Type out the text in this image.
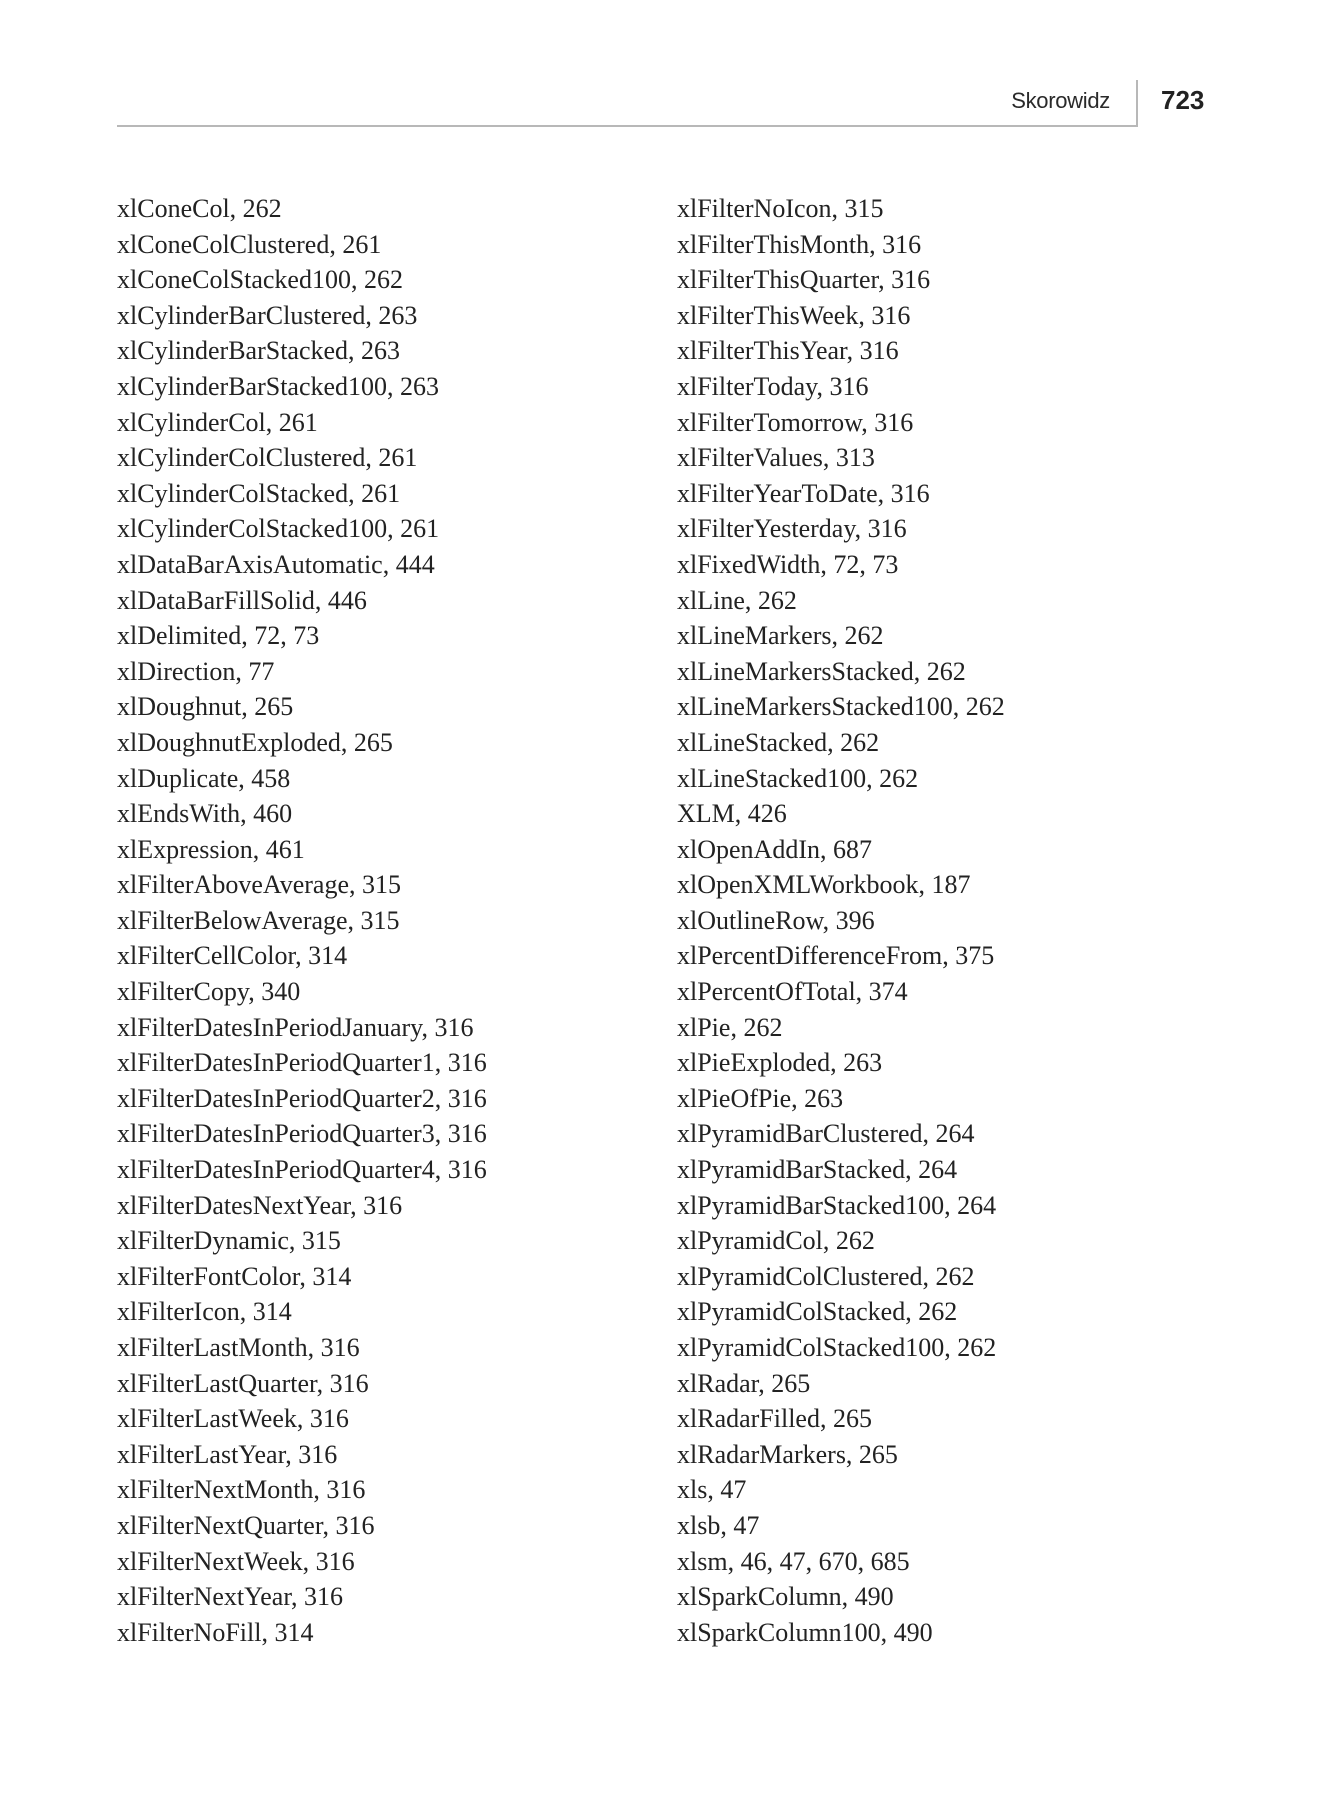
Skorowidz 723
xlConeCol, 262
xlConeColClustered, 261
xlConeColStacked100, 262
xlCylinderBarClustered, 263
xlCylinderBarStacked, 263
xlCylinderBarStacked100, 263
xlCylinderCol, 261
xlCylinderColClustered, 261
xlCylinderColStacked, 261
xlCylinderColStacked100, 261
xlDataBarAxisAutomatic, 444
xlDataBarFillSolid, 446
xlDelimited, 72, 73
xlDirection, 77
xlDoughnut, 265
xlDoughnutExploded, 265
xlDuplicate, 458
xlEndsWith, 460
xlExpression, 461
xlFilterAboveAverage, 315
xlFilterBelowAverage, 315
xlFilterCellColor, 314
xlFilterCopy, 340
xlFilterDatesInPeriodJanuary, 316
xlFilterDatesInPeriodQuarter1, 316
xlFilterDatesInPeriodQuarter2, 316
xlFilterDatesInPeriodQuarter3, 316
xlFilterDatesInPeriodQuarter4, 316
xlFilterDatesNextYear, 316
xlFilterDynamic, 315
xlFilterFontColor, 314
xlFilterIcon, 314
xlFilterLastMonth, 316
xlFilterLastQuarter, 316
xlFilterLastWeek, 316
xlFilterLastYear, 316
xlFilterNextMonth, 316
xlFilterNextQuarter, 316
xlFilterNextWeek, 316
xlFilterNextYear, 316
xlFilterNoFill, 314
xlFilterNoIcon, 315
xlFilterThisMonth, 316
xlFilterThisQuarter, 316
xlFilterThisWeek, 316
xlFilterThisYear, 316
xlFilterToday, 316
xlFilterTomorrow, 316
xlFilterValues, 313
xlFilterYearToDate, 316
xlFilterYesterday, 316
xlFixedWidth, 72, 73
xlLine, 262
xlLineMarkers, 262
xlLineMarkersStacked, 262
xlLineMarkersStacked100, 262
xlLineStacked, 262
xlLineStacked100, 262
XLM, 426
xlOpenAddIn, 687
xlOpenXMLWorkbook, 187
xlOutlineRow, 396
xlPercentDifferenceFrom, 375
xlPercentOfTotal, 374
xlPie, 262
xlPieExploded, 263
xlPieOfPie, 263
xlPyramidBarClustered, 264
xlPyramidBarStacked, 264
xlPyramidBarStacked100, 264
xlPyramidCol, 262
xlPyramidColClustered, 262
xlPyramidColStacked, 262
xlPyramidColStacked100, 262
xlRadar, 265
xlRadarFilled, 265
xlRadarMarkers, 265
xls, 47
xlsb, 47
xlsm, 46, 47, 670, 685
xlSparkColumn, 490
xlSparkColumn100, 490
